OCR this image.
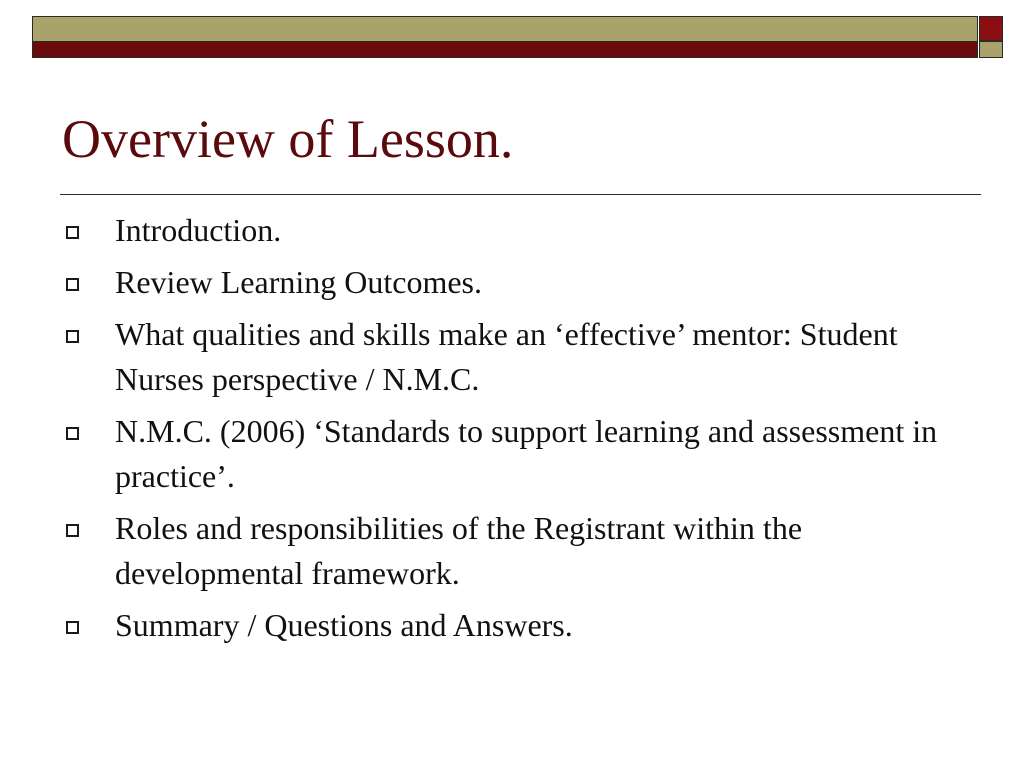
Overview of Lesson.
Introduction.
Review Learning Outcomes.
What qualities and skills make an ‘effective’ mentor: Student Nurses perspective / N.M.C.
N.M.C. (2006) ‘Standards to support learning and assessment in practice’.
Roles and responsibilities of the Registrant within the developmental framework.
Summary / Questions and Answers.
